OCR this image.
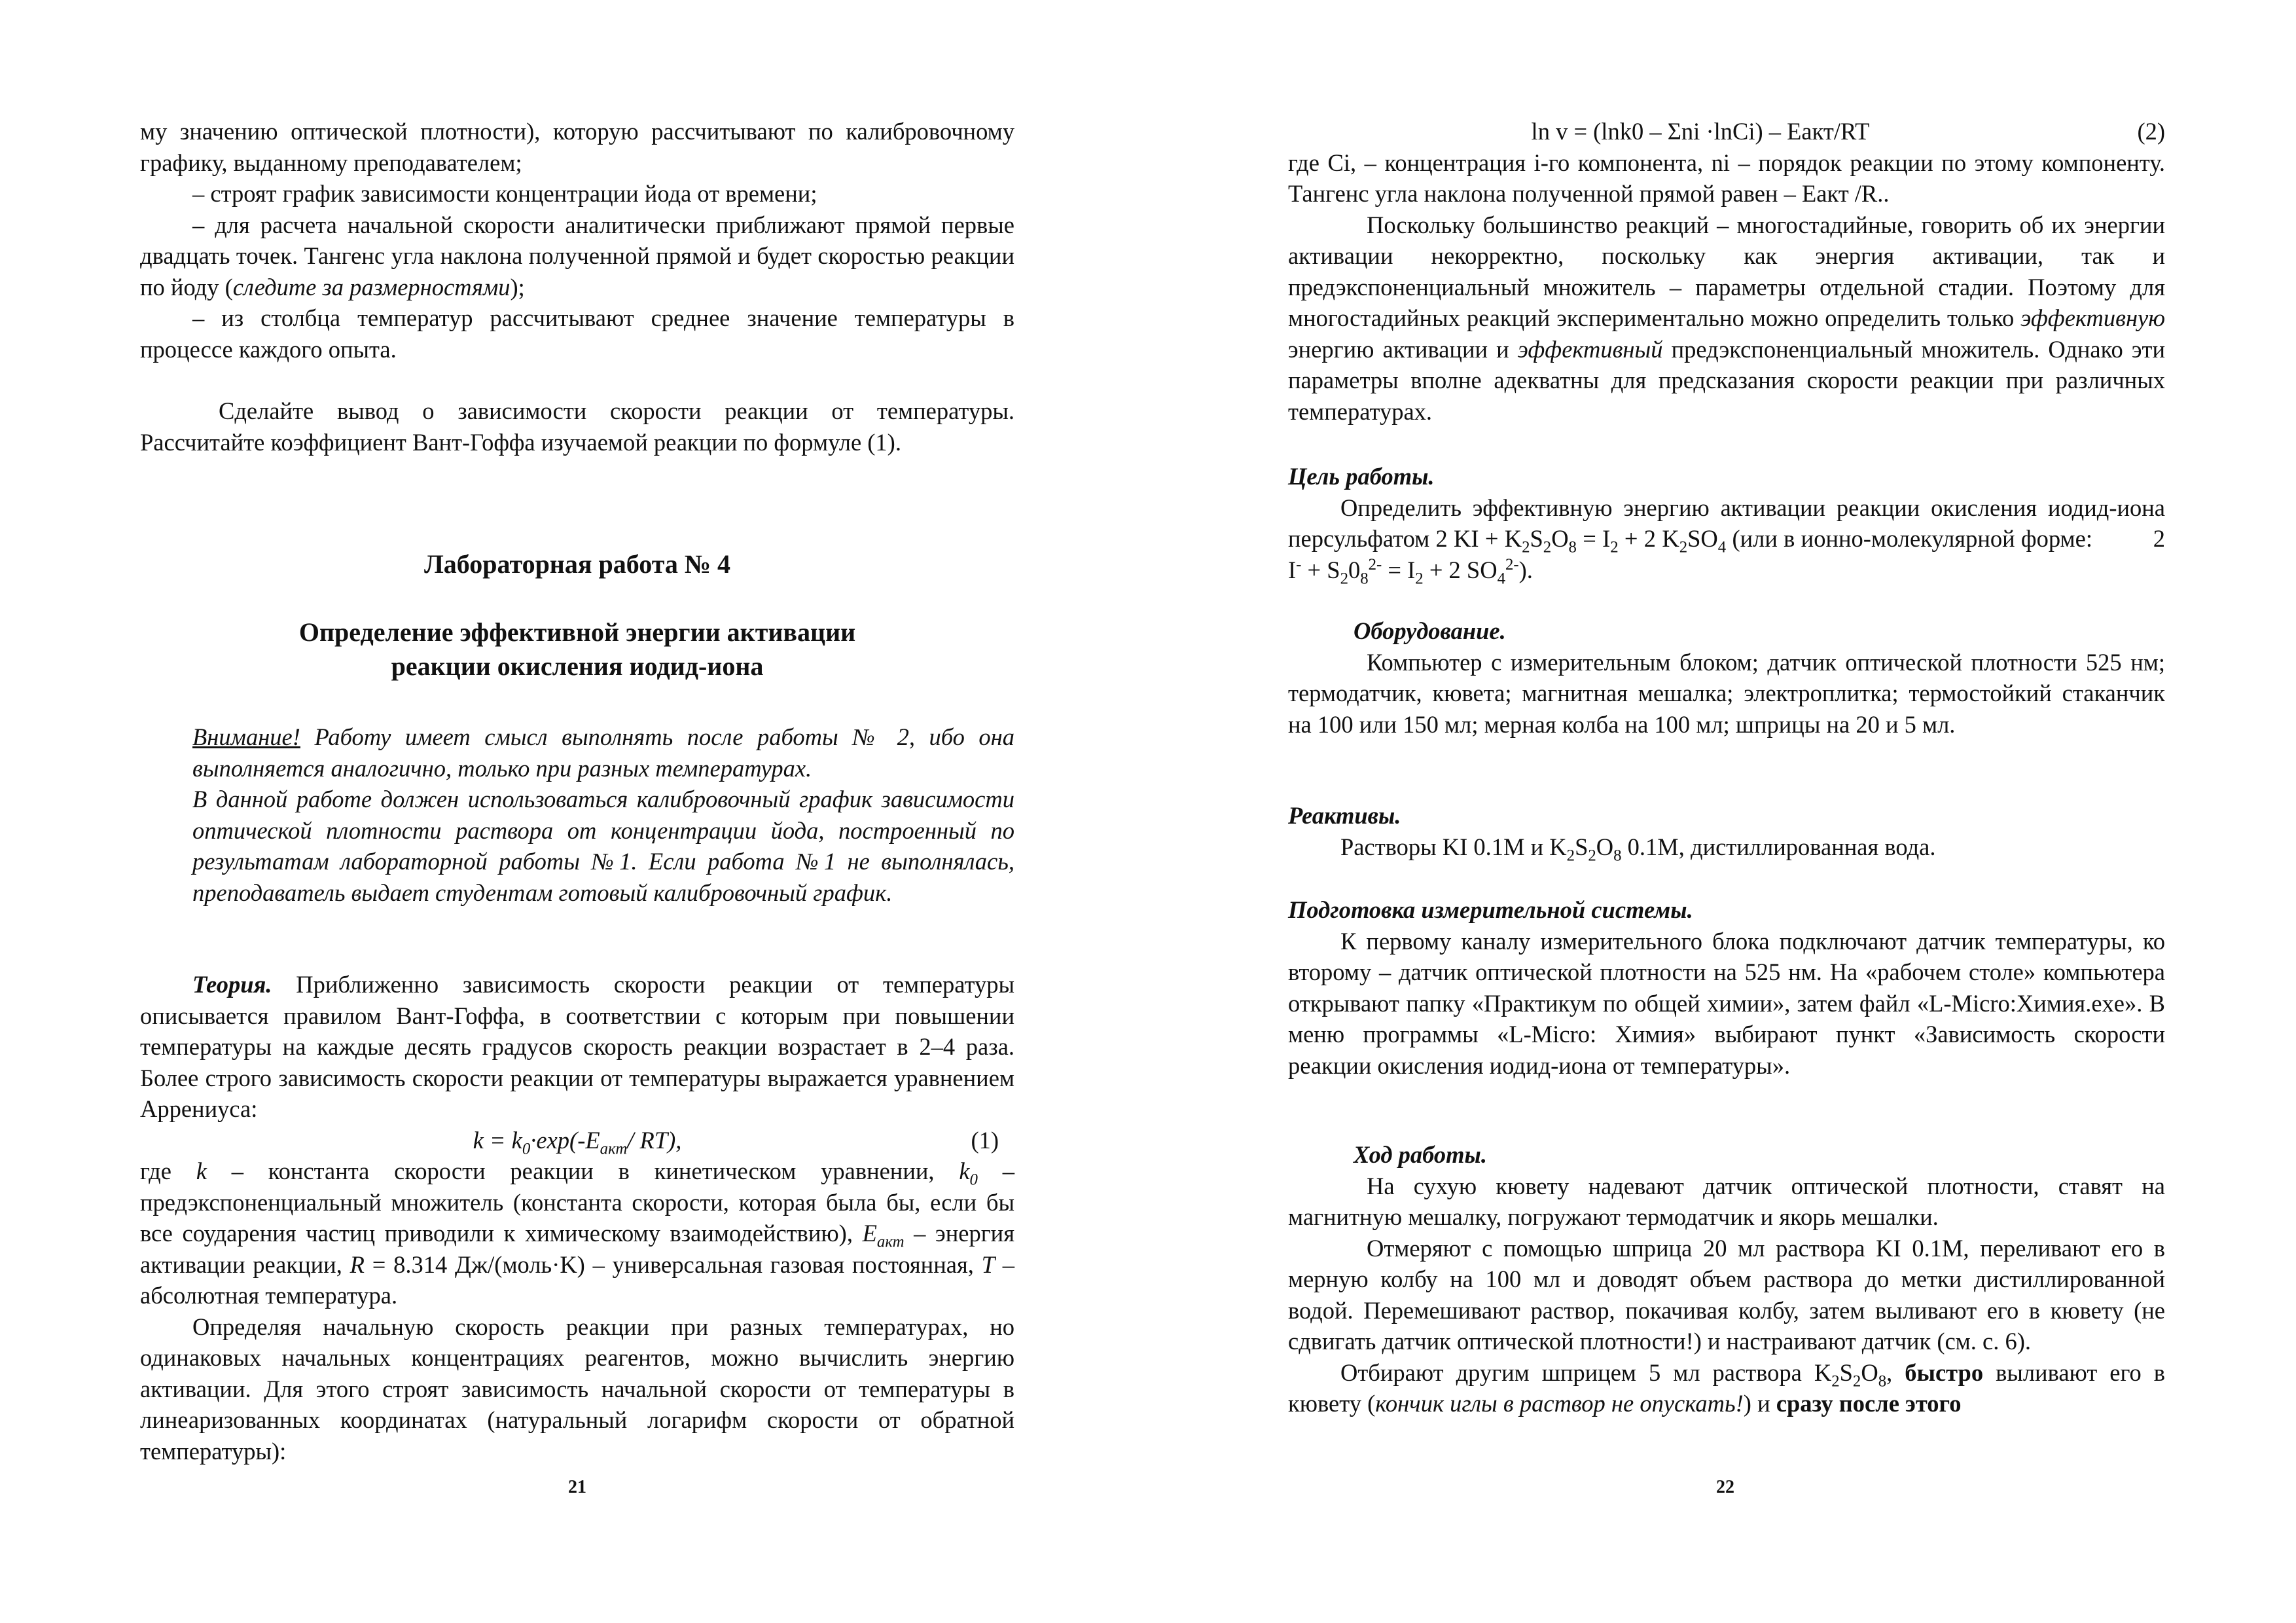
му значению оптической плотности), которую рассчитывают по калибровочному графику, выданному преподавателем;

– строят график зависимости концентрации йода от времени;

– для расчета начальной скорости аналитически приближают прямой первые двадцать точек. Тангенс угла наклона полученной прямой и будет скоростью реакции по йоду (следите за размерностями);

– из столбца температур рассчитывают среднее значение температуры в процессе каждого опыта.

Сделайте вывод о зависимости скорости реакции от температуры. Рассчитайте коэффициент Вант-Гоффа изучаемой реакции по формуле (1).

Лабораторная работа № 4
Определение эффективной энергии активации
реакции окисления иодид-иона

Внимание! Работу имеет смысл выполнять после работы № 2, ибо она выполняется аналогично, только при разных температурах.

В данной работе должен использоваться калибровочный график зависимости оптической плотности раствора от концентрации йода, построенный по результатам лабораторной работы №1. Если работа №1 не выполнялась, преподаватель выдает студентам готовый калибровочный график.

Теория. Приближенно зависимость скорости реакции от температуры описывается правилом Вант-Гоффа, в соответствии с которым при повышении температуры на каждые десять градусов скорость реакции возрастает в 2–4 раза. Более строго зависимость скорости реакции от температуры выражается уравнением Аррениуса:

$k = k_0\cdot\exp(-E_{акт}/$ RT),	(1)

где k – константа скорости реакции в кинетическом уравнении, $k_0$ – предэкспоненциальный множитель (константа скорости, которая была бы, если бы все соударения частиц приводили к химическому взаимодействию), $E_{акт}$ – энергия активации реакции, R = 8.314 Дж/(моль·K) – универсальная газовая постоянная, T – абсолютная температура.

Определяя начальную скорость реакции при разных температурах, но одинаковых начальных концентрациях реагентов, можно вычислить энергию активации. Для этого строят зависимость начальной скорости от температуры в линеаризованных координатах (натуральный логарифм скорости от обратной температуры):

21
ln v = (lnk0 – Σni ·lnCi) – Eакт/RT	(2)

где Ci, – концентрация i-го компонента, ni – порядок реакции по этому компоненту. Тангенс угла наклона полученной прямой равен – Eакт /R..

Поскольку большинство реакций – многостадийные, говорить об их энергии активации некорректно, поскольку как энергия активации, так и предэкспоненциальный множитель – параметры отдельной стадии. Поэтому для многостадийных реакций экспериментально можно определить только эффективную энергию активации и эффективный предэкспоненциальный множитель. Однако эти параметры вполне адекватны для предсказания скорости реакции при различных температурах.

Цель работы.

Определить эффективную энергию активации реакции окисления иодид-иона персульфатом 2 KI + $K_2S_2O_8 = I_2 + 2$ $K_2SO_4$ (или в ионно-молекулярной форме:          2 $I^- + S_20_8^{2-} = I_2 + 2$ $SO_4^{2-}$).

Оборудование.

Компьютер с измерительным блоком; датчик оптической плотности 525 нм; термодатчик, кювета; магнитная мешалка; электроплитка; термостойкий стаканчик на 100 или 150 мл; мерная колба на 100 мл; шприцы на 20 и 5 мл.

Реактивы.

Растворы KI 0.1M и $K_2S_2O_8$ 0.1M, дистиллированная вода.

Подготовка измерительной системы.

К первому каналу измерительного блока подключают датчик температуры, ко второму – датчик оптической плотности на 525 нм. На «рабочем столе» компьютера открывают папку «Практикум по общей химии», затем файл «L-Micro:Химия.exe». В меню программы «L-Micro: Химия» выбирают пункт «Зависимость скорости реакции окисления иодид-иона от температуры».

Ход работы.

На сухую кювету надевают датчик оптической плотности, ставят на магнитную мешалку, погружают термодатчик и якорь мешалки.

Отмеряют с помощью шприца 20 мл раствора KI 0.1M, переливают его в мерную колбу на 100 мл и доводят объем раствора до метки дистиллированной водой. Перемешивают раствор, покачивая колбу, затем выливают его в кювету (не сдвигать датчик оптической плотности!) и настраивают датчик (см. с. 6).

Отбирают другим шприцем 5 мл раствора $K_2S_2O_8$, быстро выливают его в кювету (кончик иглы в раствор не опускать!) и сразу после этого

22
